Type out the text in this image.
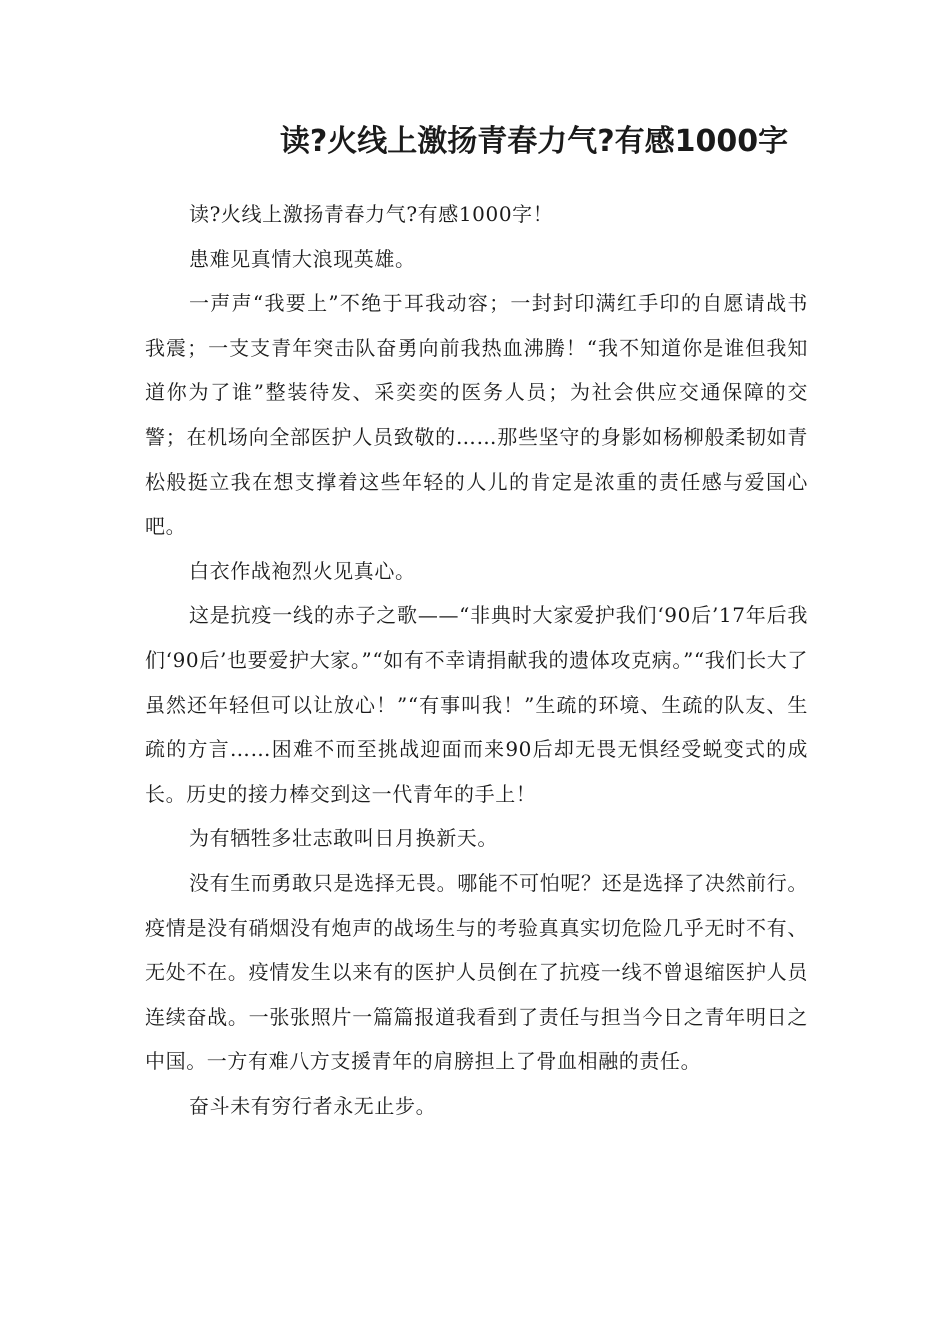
读?火线上激扬青春力气?有感1000字

读?火线上激扬青春力气?有感1000字！

患难见真情大浪现英雄。

一声声“我要上”不绝于耳我动容；一封封印满红手印的自愿请战书我震；一支支青年突击队奋勇向前我热血沸腾！“我不知道你是谁但我知道你为了谁”整装待发、采奕奕的医务人员；为社会供应交通保障的交警；在机场向全部医护人员致敬的……那些坚守的身影如杨柳般柔韧如青松般挺立我在想支撑着这些年轻的人儿的肯定是浓重的责任感与爱国心吧。

白衣作战袍烈火见真心。

这是抗疫一线的赤子之歌——“非典时大家爱护我们‘90后’17年后我们‘90后’也要爱护大家。”“如有不幸请捐献我的遗体攻克病。”“我们长大了虽然还年轻但可以让放心！”“有事叫我！”生疏的环境、生疏的队友、生疏的方言……困难不而至挑战迎面而来90后却无畏无惧经受蜕变式的成长。历史的接力棒交到这一代青年的手上！

为有牺牲多壮志敢叫日月换新天。

没有生而勇敢只是选择无畏。哪能不可怕呢？还是选择了决然前行。疫情是没有硝烟没有炮声的战场生与的考验真真实切危险几乎无时不有、无处不在。疫情发生以来有的医护人员倒在了抗疫一线不曾退缩医护人员连续奋战。一张张照片一篇篇报道我看到了责任与担当今日之青年明日之中国。一方有难八方支援青年的肩膀担上了骨血相融的责任。

奋斗未有穷行者永无止步。
